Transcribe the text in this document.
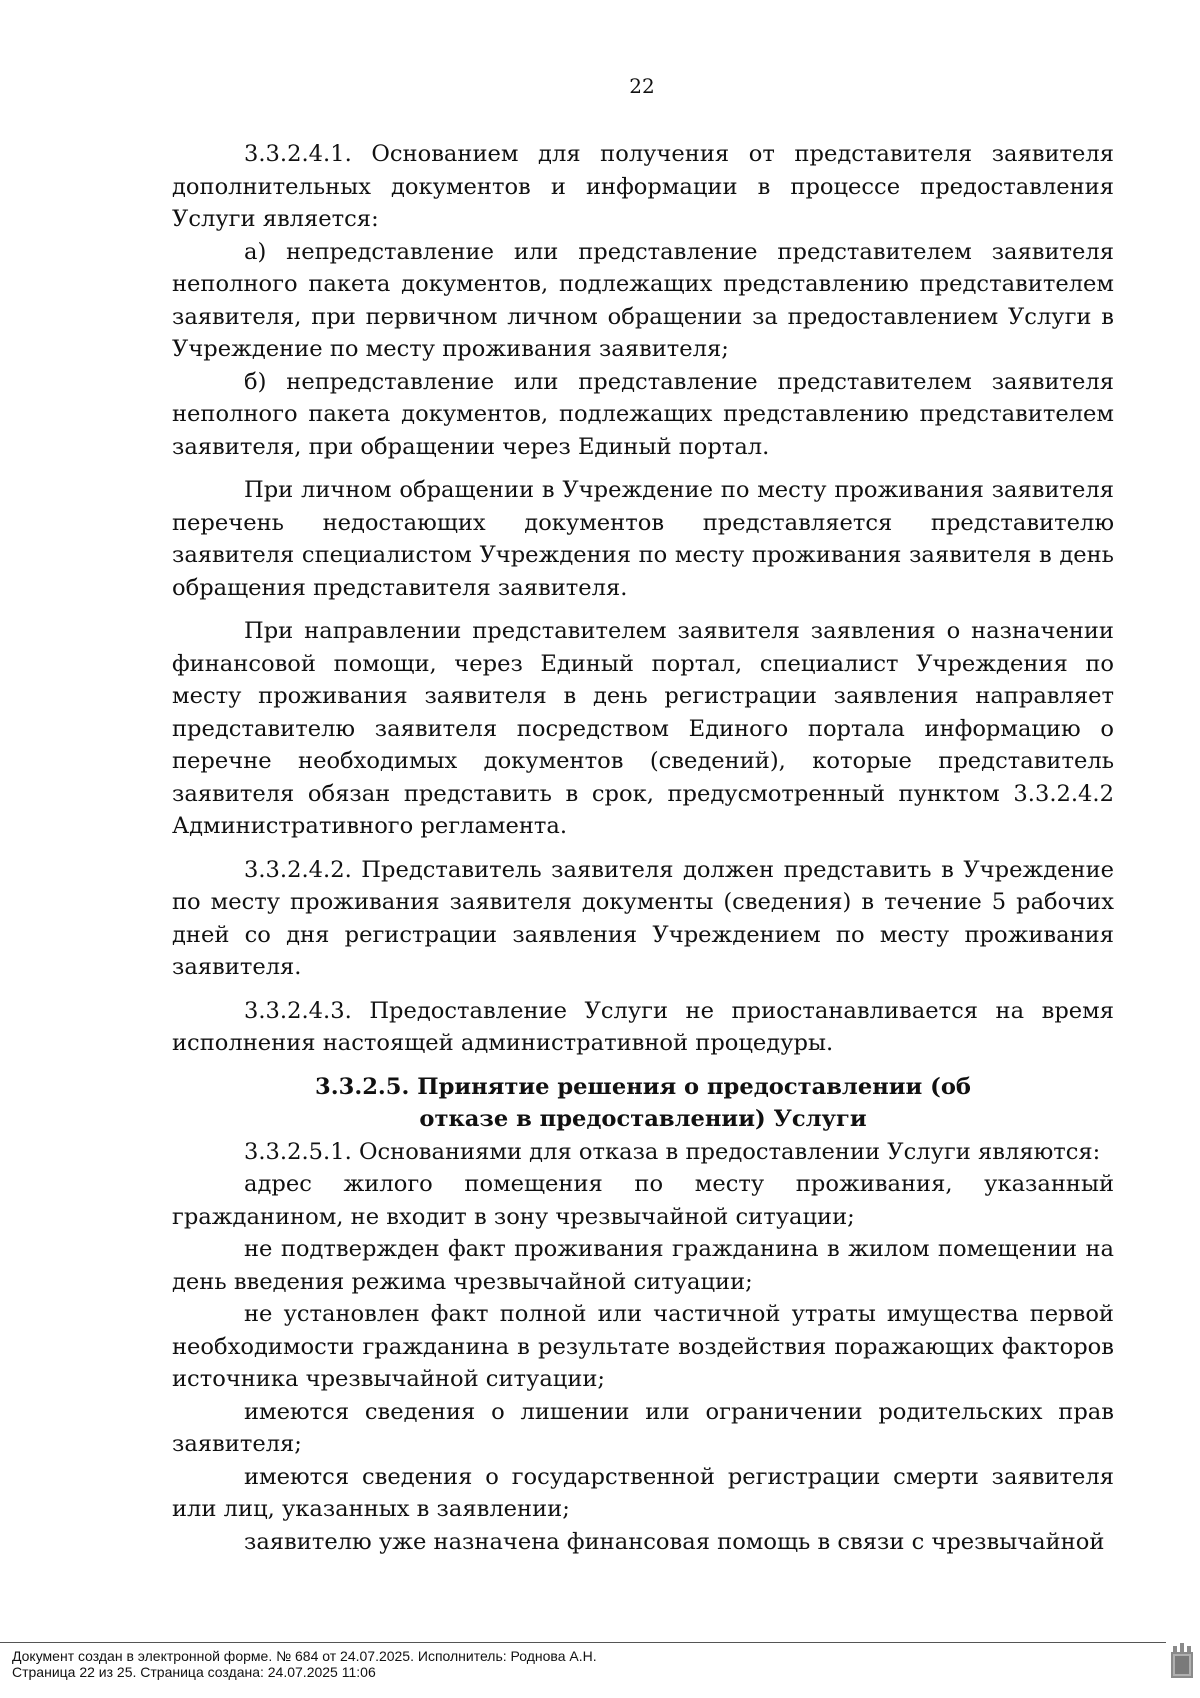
22

3.3.2.4.1. Основанием для получения от представителя заявителя дополнительных документов и информации в процессе предоставления Услуги является:

а) непредставление или представление представителем заявителя неполного пакета документов, подлежащих представлению представителем заявителя, при первичном личном обращении за предоставлением Услуги в Учреждение по месту проживания заявителя;

б) непредставление или представление представителем заявителя неполного пакета документов, подлежащих представлению представителем заявителя, при обращении через Единый портал.

При личном обращении в Учреждение по месту проживания заявителя перечень недостающих документов представляется представителю заявителя специалистом Учреждения по месту проживания заявителя в день обращения представителя заявителя.

При направлении представителем заявителя заявления о назначении финансовой помощи, через Единый портал, специалист Учреждения по месту проживания заявителя в день регистрации заявления направляет представителю заявителя посредством Единого портала информацию о перечне необходимых документов (сведений), которые представитель заявителя обязан представить в срок, предусмотренный пунктом 3.3.2.4.2 Административного регламента.

3.3.2.4.2. Представитель заявителя должен представить в Учреждение по месту проживания заявителя документы (сведения) в течение 5 рабочих дней со дня регистрации заявления Учреждением по месту проживания заявителя.

3.3.2.4.3. Предоставление Услуги не приостанавливается на время исполнения настоящей административной процедуры.

3.3.2.5. Принятие решения о предоставлении (об отказе в предоставлении) Услуги

3.3.2.5.1. Основаниями для отказа в предоставлении Услуги являются:

адрес жилого помещения по месту проживания, указанный гражданином, не входит в зону чрезвычайной ситуации;

не подтвержден факт проживания гражданина в жилом помещении на день введения режима чрезвычайной ситуации;

не установлен факт полной или частичной утраты имущества первой необходимости гражданина в результате воздействия поражающих факторов источника чрезвычайной ситуации;

имеются сведения о лишении или ограничении родительских прав заявителя;

имеются сведения о государственной регистрации смерти заявителя или лиц, указанных в заявлении;

заявителю уже назначена финансовая помощь в связи с чрезвычайной

Документ создан в электронной форме. № 684 от 24.07.2025. Исполнитель: Роднова А.Н.
Страница 22 из 25. Страница создана: 24.07.2025 11:06
